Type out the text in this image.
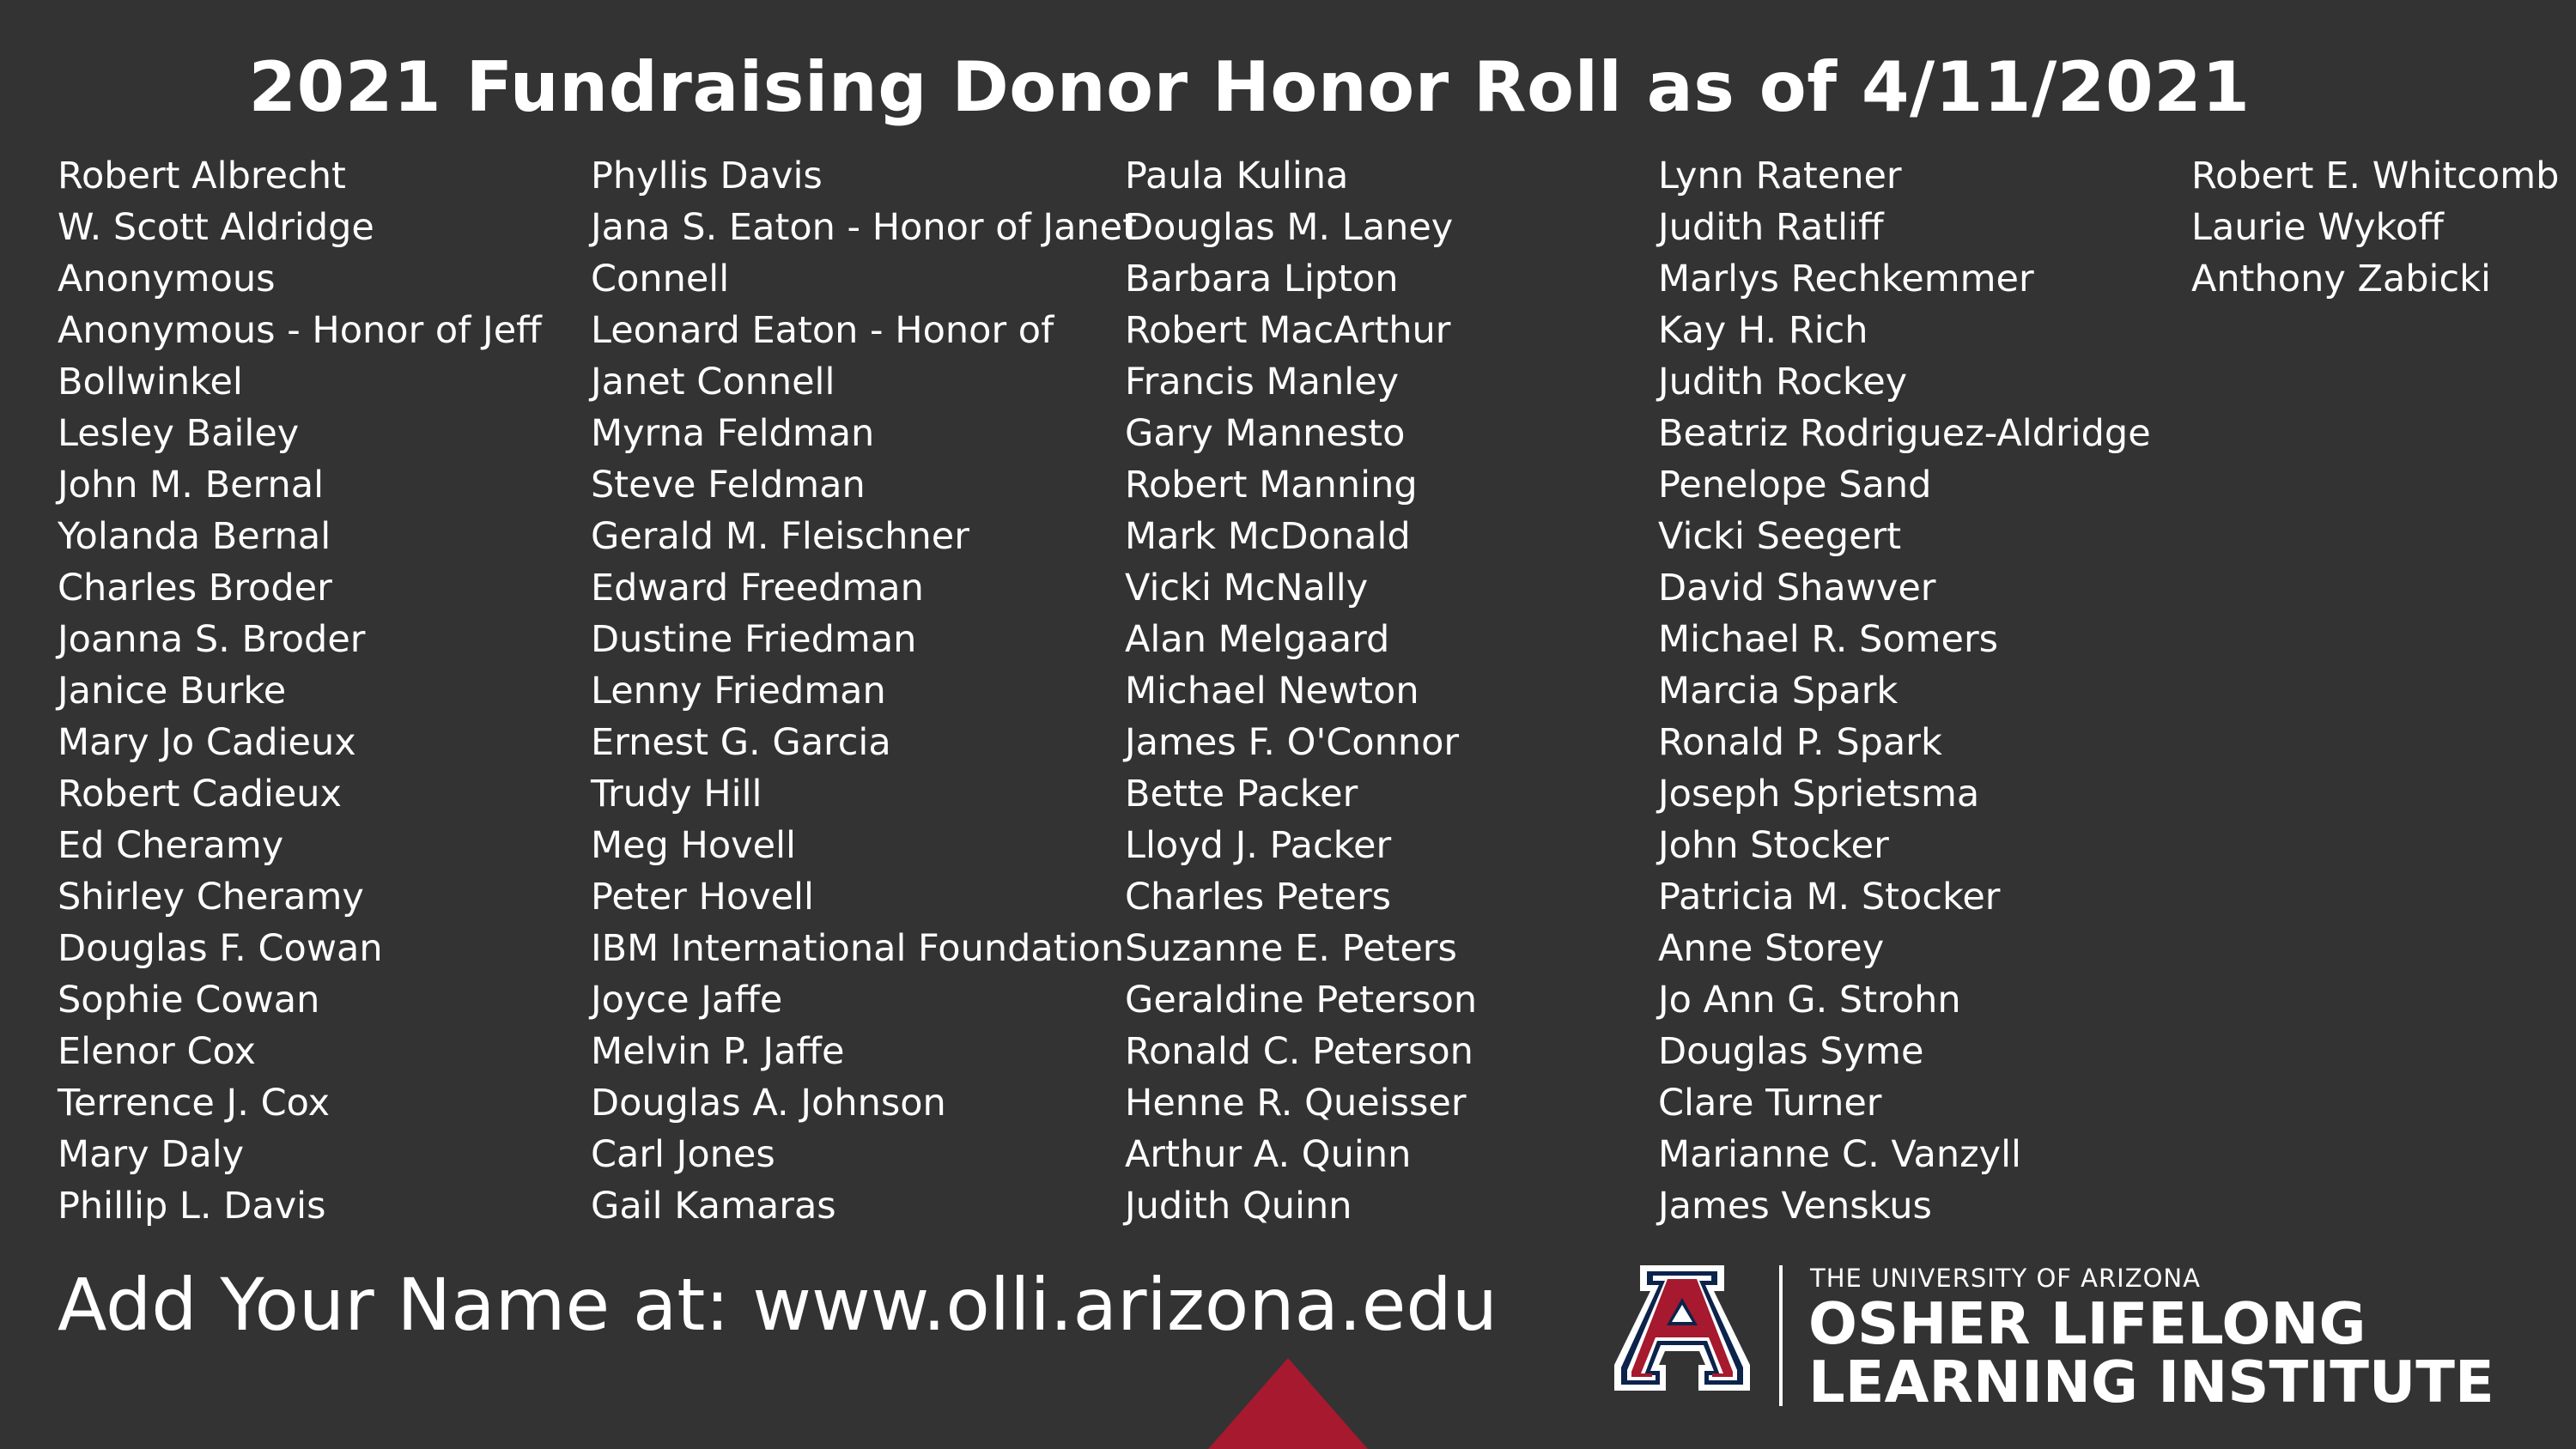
2021 Fundraising Donor Honor Roll as of 4/11/2021
Robert Albrecht
W. Scott Aldridge
Anonymous
Anonymous - Honor of Jeff
Bollwinkel
Lesley Bailey
John M. Bernal
Yolanda Bernal
Charles Broder
Joanna S. Broder
Janice Burke
Mary Jo Cadieux
Robert Cadieux
Ed Cheramy
Shirley Cheramy
Douglas F. Cowan
Sophie Cowan
Elenor Cox
Terrence J. Cox
Mary Daly
Phillip L. Davis
Phyllis Davis
Jana S. Eaton - Honor of Janet
Connell
Leonard Eaton - Honor of
Janet Connell
Myrna Feldman
Steve Feldman
Gerald M. Fleischner
Edward Freedman
Dustine Friedman
Lenny Friedman
Ernest G. Garcia
Trudy Hill
Meg Hovell
Peter Hovell
IBM International Foundation
Joyce Jaffe
Melvin P. Jaffe
Douglas A. Johnson
Carl Jones
Gail Kamaras
Paula Kulina
Douglas M. Laney
Barbara Lipton
Robert MacArthur
Francis Manley
Gary Mannesto
Robert Manning
Mark McDonald
Vicki McNally
Alan Melgaard
Michael Newton
James F. O'Connor
Bette Packer
Lloyd J. Packer
Charles Peters
Suzanne E. Peters
Geraldine Peterson
Ronald C. Peterson
Henne R. Queisser
Arthur A. Quinn
Judith Quinn
Lynn Ratener
Judith Ratliff
Marlys Rechkemmer
Kay H. Rich
Judith Rockey
Beatriz Rodriguez-Aldridge
Penelope Sand
Vicki Seegert
David Shawver
Michael R. Somers
Marcia Spark
Ronald P. Spark
Joseph Sprietsma
John Stocker
Patricia M. Stocker
Anne Storey
Jo Ann G. Strohn
Douglas Syme
Clare Turner
Marianne C. Vanzyll
James Venskus
Robert E. Whitcomb
Laurie Wykoff
Anthony Zabicki
Add Your Name at: www.olli.arizona.edu	THE UNIVERSITY OF ARIZONA
OSHER LIFELONG
LEARNING INSTITUTE
